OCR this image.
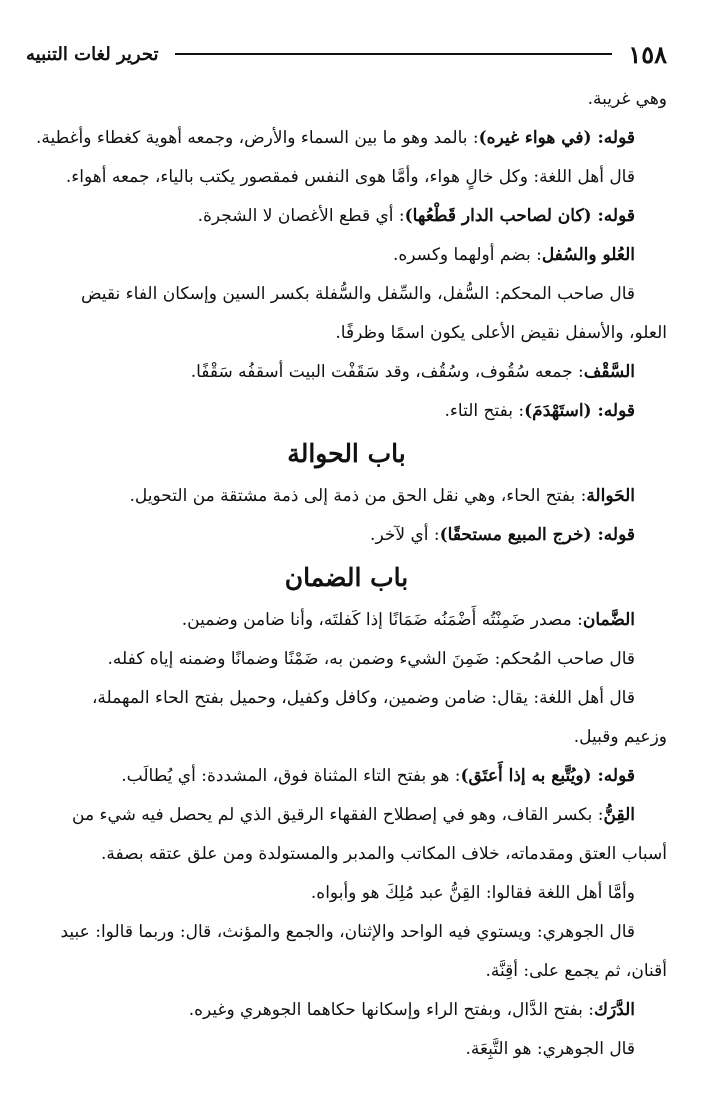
١٥٨
تحرير لغات التنبيه

وهي غريبة.

قوله: (في هواء غيره): بالمد وهو ما بين السماء والأرض، وجمعه أهوية كغطاء وأغطية.

قال أهل اللغة: وكل خالٍ هواء، وأمَّا هوى النفس فمقصور يكتب بالياء، جمعه أهواء.

قوله: (كان لصاحب الدار قَطْعُها): أي قطع الأغصان لا الشجرة.

العُلو والسُفل: بضم أولهما وكسره.

قال صاحب المحكم: السُّفل، والسِّفل والسُّفلة بكسر السين وإسكان الفاء نقيض

العلو، والأسفل نقيض الأعلى يكون اسمًا وظرفًا.

السَّقْف: جمعه سُقُوف، وسُقُف، وقد سَقَفْت البيت أسقفُه سَقْفًا.

قوله: (استَهْدَمَ): بفتح التاء.

باب الحوالة

الحَوالة: بفتح الحاء، وهي نقل الحق من ذمة إلى ذمة مشتقة من التحويل.

قوله: (خرج المبيع مستحقًا): أي لآخر.

باب الضمان

الضَّمان: مصدر ضَمِنْتُه أَضْمَنُه ضَمَانًا إذا كَفلتَه، وأنا ضامن وضمين.

قال صاحب المُحكم: ضَمِنَ الشيء وضمن به، ضَمْنًا وضمانًا وضمنه إياه كفله.

قال أهل اللغة: يقال: ضامن وضمين، وكافل وكفيل، وحميل بفتح الحاء المهملة،

وزعيم وقبيل.

قوله: (ويُتَّبع به إذا أَعتَق): هو بفتح التاء المثناة فوق، المشددة: أي يُطالَب.

القِنُّ: بكسر القاف، وهو في إصطلاح الفقهاء الرقيق الذي لم يحصل فيه شيء من

أسباب العتق ومقدماته، خلاف المكاتب والمدبر والمستولدة ومن علق عتقه بصفة.

وأمَّا أهل اللغة فقالوا: القِنُّ عبد مُلِكَ هو وأبواه.

قال الجوهري: ويستوي فيه الواحد والإثنان، والجمع والمؤنث، قال: وربما قالوا: عبيد

أقنان، ثم يجمع على: أقِنَّة.

الدَّرَك: بفتح الدَّال، وبفتح الراء وإسكانها حكاهما الجوهري وغيره.

قال الجوهري: هو التَّبِعَة.
